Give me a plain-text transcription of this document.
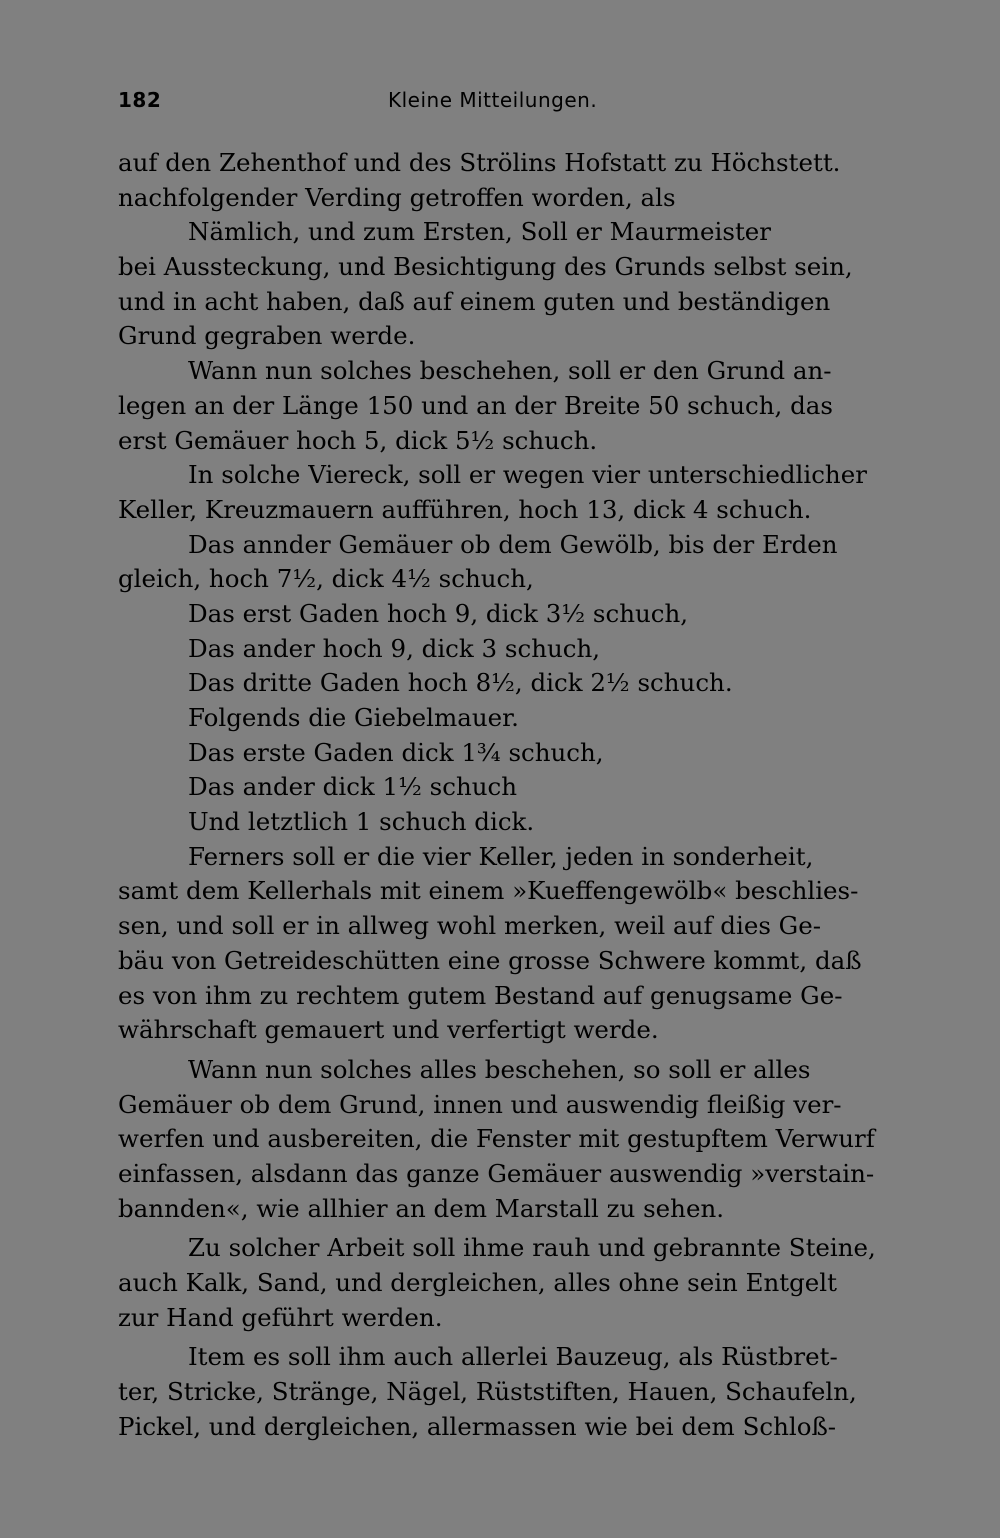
182	Kleine Mitteilungen.
auf den Zehenthof und des Strölins Hofstatt zu Höchstett.
nachfolgender Verding getroffen worden, als
Nämlich, und zum Ersten, Soll er Maurmeister
bei Aussteckung, und Besichtigung des Grunds selbst sein,
und in acht haben, daß auf einem guten und beständigen
Grund gegraben werde.
Wann nun solches beschehen, soll er den Grund an-
legen an der Länge 150 und an der Breite 50 schuch, das
erst Gemäuer hoch 5, dick 5½ schuch.
In solche Viereck, soll er wegen vier unterschiedlicher
Keller, Kreuzmauern aufführen, hoch 13, dick 4 schuch.
Das annder Gemäuer ob dem Gewölb, bis der Erden
gleich, hoch 7½, dick 4½ schuch,
Das erst Gaden hoch 9, dick 3½ schuch,
Das ander hoch 9, dick 3 schuch,
Das dritte Gaden hoch 8½, dick 2½ schuch.
Folgends die Giebelmauer.
Das erste Gaden dick 1¾ schuch,
Das ander dick 1½ schuch
Und letztlich 1 schuch dick.
Ferners soll er die vier Keller, jeden in sonderheit,
samt dem Kellerhals mit einem »Kueffengewölb« beschlies-
sen, und soll er in allweg wohl merken, weil auf dies Ge-
bäu von Getreideschütten eine grosse Schwere kommt, daß
es von ihm zu rechtem gutem Bestand auf genugsame Ge-
währschaft gemauert und verfertigt werde.
Wann nun solches alles beschehen, so soll er alles
Gemäuer ob dem Grund, innen und auswendig fleißig ver-
werfen und ausbereiten, die Fenster mit gestupftem Verwurf
einfassen, alsdann das ganze Gemäuer auswendig »verstain-
bannden«, wie allhier an dem Marstall zu sehen.
Zu solcher Arbeit soll ihme rauh und gebrannte Steine,
auch Kalk, Sand, und dergleichen, alles ohne sein Entgelt
zur Hand geführt werden.
Item es soll ihm auch allerlei Bauzeug, als Rüstbret-
ter, Stricke, Stränge, Nägel, Rüststiften, Hauen, Schaufeln,
Pickel, und dergleichen, allermassen wie bei dem Schloß-
